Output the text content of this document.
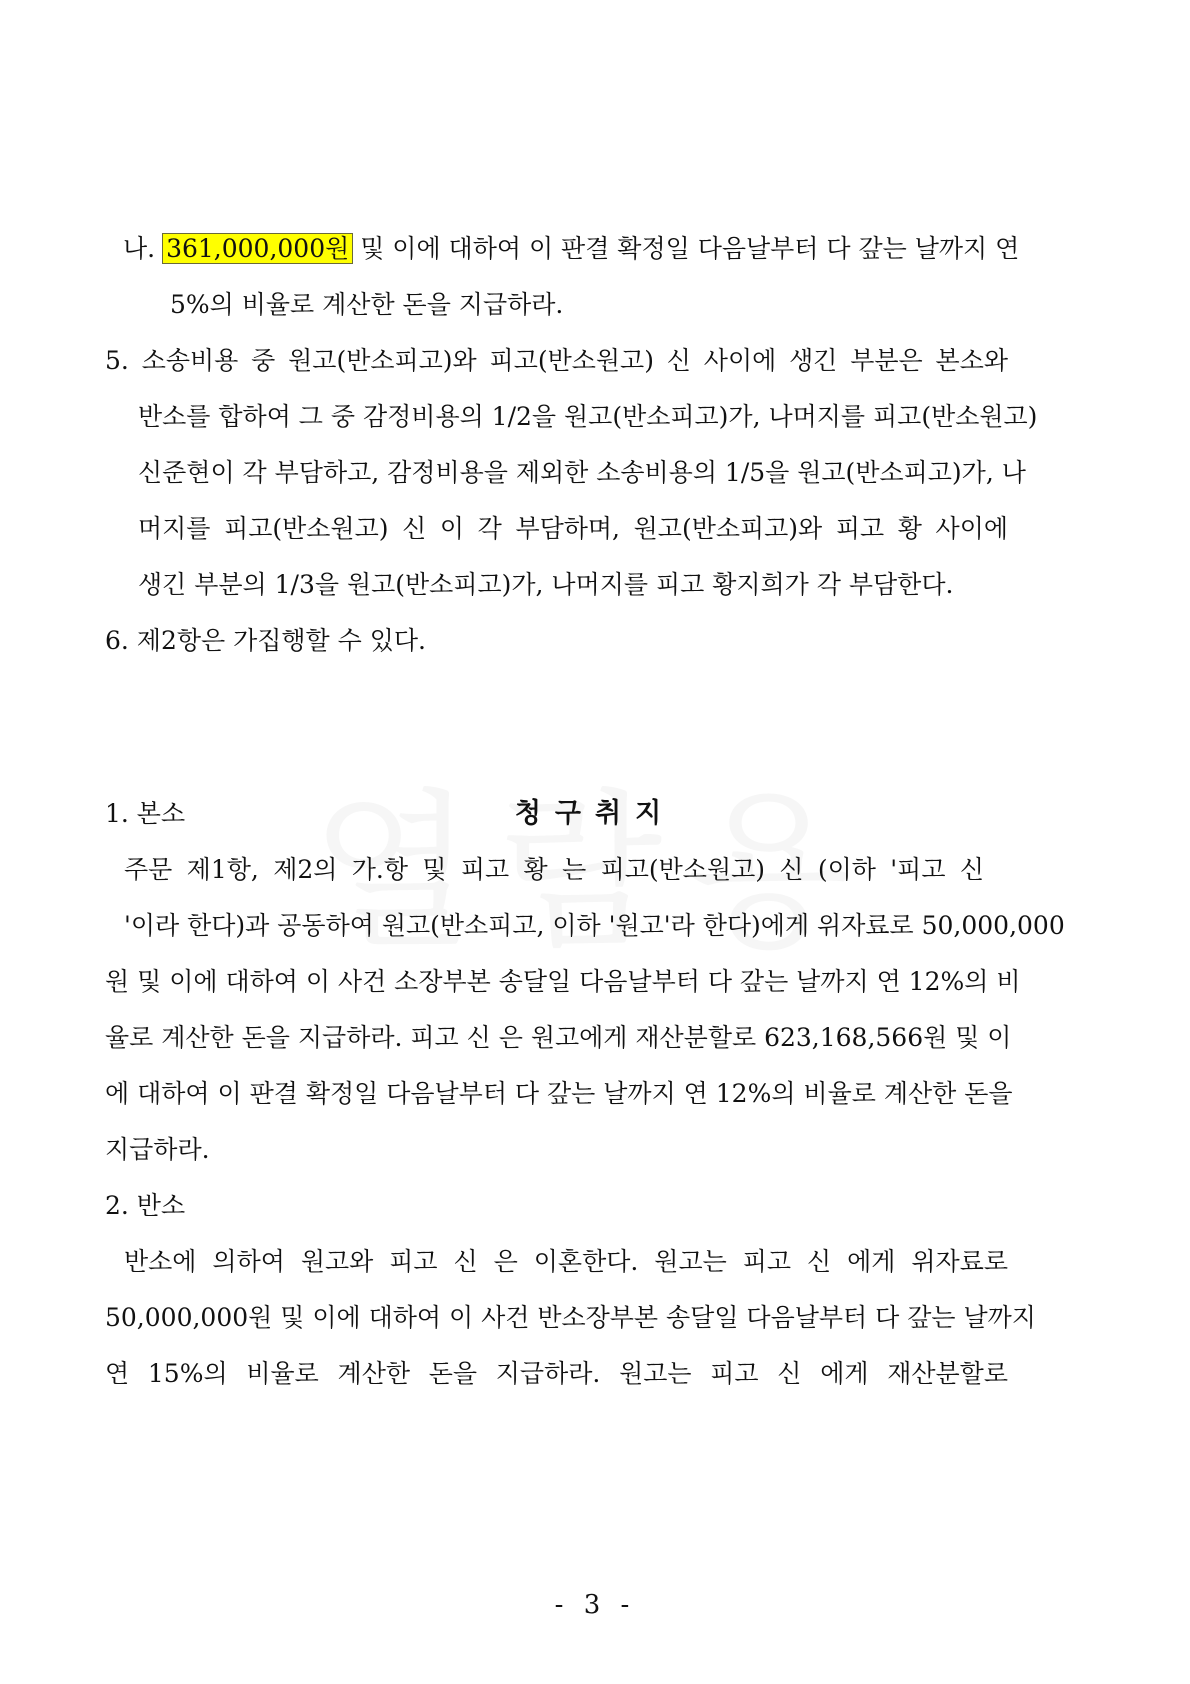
나. 361,000,000원 및 이에 대하여 이 판결 확정일 다음날부터 다 갚는 날까지 연
5%의 비율로 계산한 돈을 지급하라.
5. 소송비용 중 원고(반소피고)와 피고(반소원고) 신 사이에 생긴 부분은 본소와
반소를 합하여 그 중 감정비용의 1/2을 원고(반소피고)가, 나머지를 피고(반소원고)
신준현이 각 부담하고, 감정비용을 제외한 소송비용의 1/5을 원고(반소피고)가, 나
머지를 피고(반소원고) 신 이 각 부담하며, 원고(반소피고)와 피고 황 사이에
생긴 부분의 1/3을 원고(반소피고)가, 나머지를 피고 황지희가 각 부담한다.
6. 제2항은 가집행할 수 있다.
청구취지
1. 본소
주문 제1항, 제2의 가.항 및 피고 황 는 피고(반소원고) 신 (이하 '피고 신
'이라 한다)과 공동하여 원고(반소피고, 이하 '원고'라 한다)에게 위자료로 50,000,000
원 및 이에 대하여 이 사건 소장부본 송달일 다음날부터 다 갚는 날까지 연 12%의 비
율로 계산한 돈을 지급하라. 피고 신 은 원고에게 재산분할로 623,168,566원 및 이
에 대하여 이 판결 확정일 다음날부터 다 갚는 날까지 연 12%의 비율로 계산한 돈을
지급하라.
2. 반소
반소에 의하여 원고와 피고 신 은 이혼한다. 원고는 피고 신 에게 위자료로
50,000,000원 및 이에 대하여 이 사건 반소장부본 송달일 다음날부터 다 갚는 날까지
연 15%의 비율로 계산한 돈을 지급하라. 원고는 피고 신 에게 재산분할로
- 3 -
